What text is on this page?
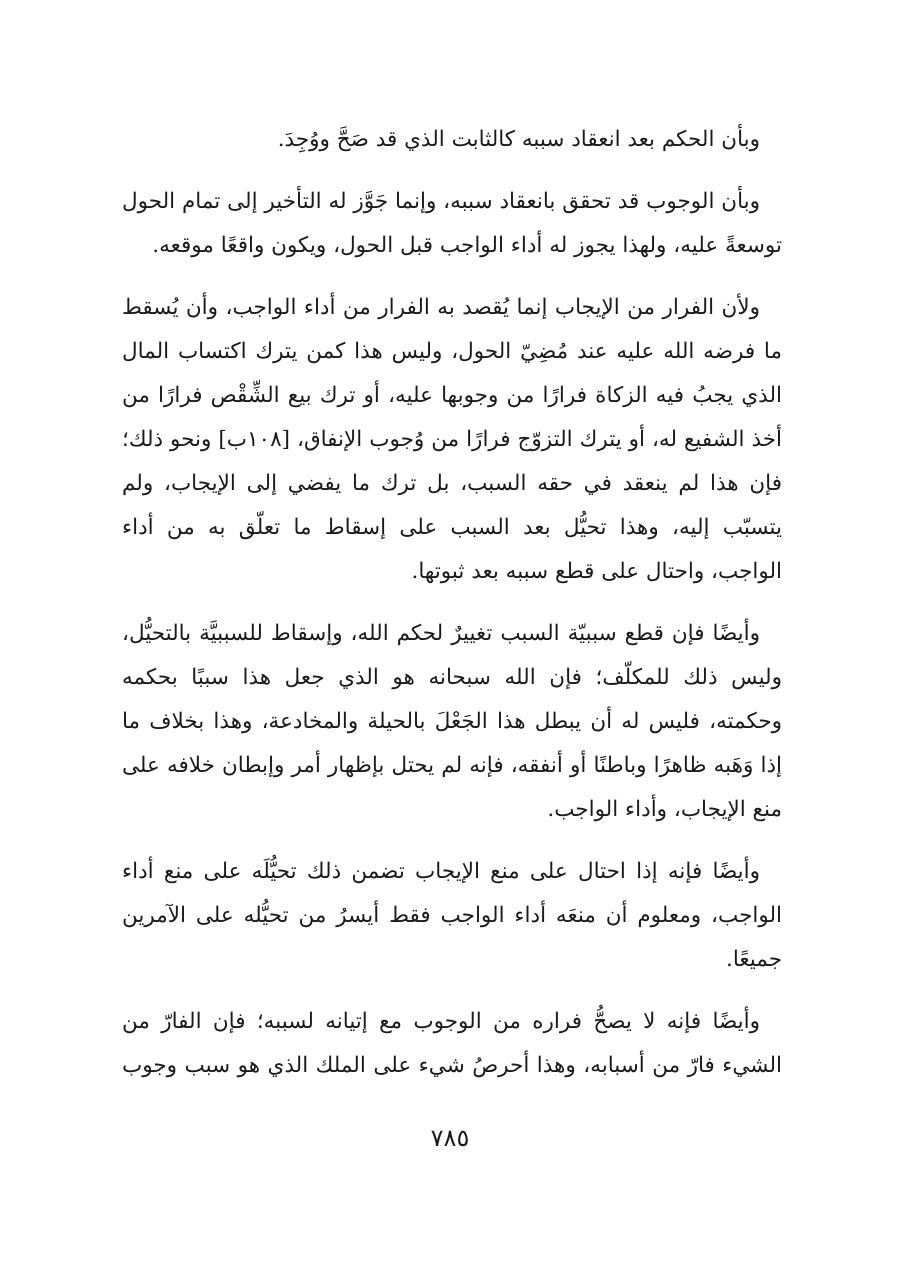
وبأن الحكم بعد انعقاد سببه كالثابت الذي قد صَحَّ ووُجِدَ.

وبأن الوجوب قد تحقق بانعقاد سببه، وإنما جَوَّز له التأخير إلى تمام الحول توسعةً عليه، ولهذا يجوز له أداء الواجب قبل الحول، ويكون واقعًا موقعه.

ولأن الفرار من الإيجاب إنما يُقصد به الفرار من أداء الواجب، وأن يُسقط ما فرضه الله عليه عند مُضِيّ الحول، وليس هذا كمن يترك اكتساب المال الذي يجبُ فيه الزكاة فرارًا من وجوبها عليه، أو ترك بيع الشِّقْص فرارًا من أخذ الشفيع له، أو يترك التزوّج فرارًا من وُجوب الإنفاق، [١٠٨ب] ونحو ذلك؛ فإن هذا لم ينعقد في حقه السبب، بل ترك ما يفضي إلى الإيجاب، ولم يتسبّب إليه، وهذا تحيُّل بعد السبب على إسقاط ما تعلّق به من أداء الواجب، واحتال على قطع سببه بعد ثبوتها.

وأيضًا فإن قطع سببيّة السبب تغييرٌ لحكم الله، وإسقاط للسببيَّة بالتحيُّل، وليس ذلك للمكلّف؛ فإن الله سبحانه هو الذي جعل هذا سببًا بحكمه وحكمته، فليس له أن يبطل هذا الجَعْلَ بالحيلة والمخادعة، وهذا بخلاف ما إذا وَهَبه ظاهرًا وباطنًا أو أنفقه، فإنه لم يحتل بإظهار أمر وإبطان خلافه على منع الإيجاب، وأداء الواجب.

وأيضًا فإنه إذا احتال على منع الإيجاب تضمن ذلك تحيُّلَه على منع أداء الواجب، ومعلوم أن منعَه أداء الواجب فقط أيسرُ من تحيُّله على الآمرين جميعًا.

وأيضًا فإنه لا يصحُّ فراره من الوجوب مع إتيانه لسببه؛ فإن الفارّ من الشيء فارّ من أسبابه، وهذا أحرصُ شيء على الملك الذي هو سبب وجوب

٧٨٥
